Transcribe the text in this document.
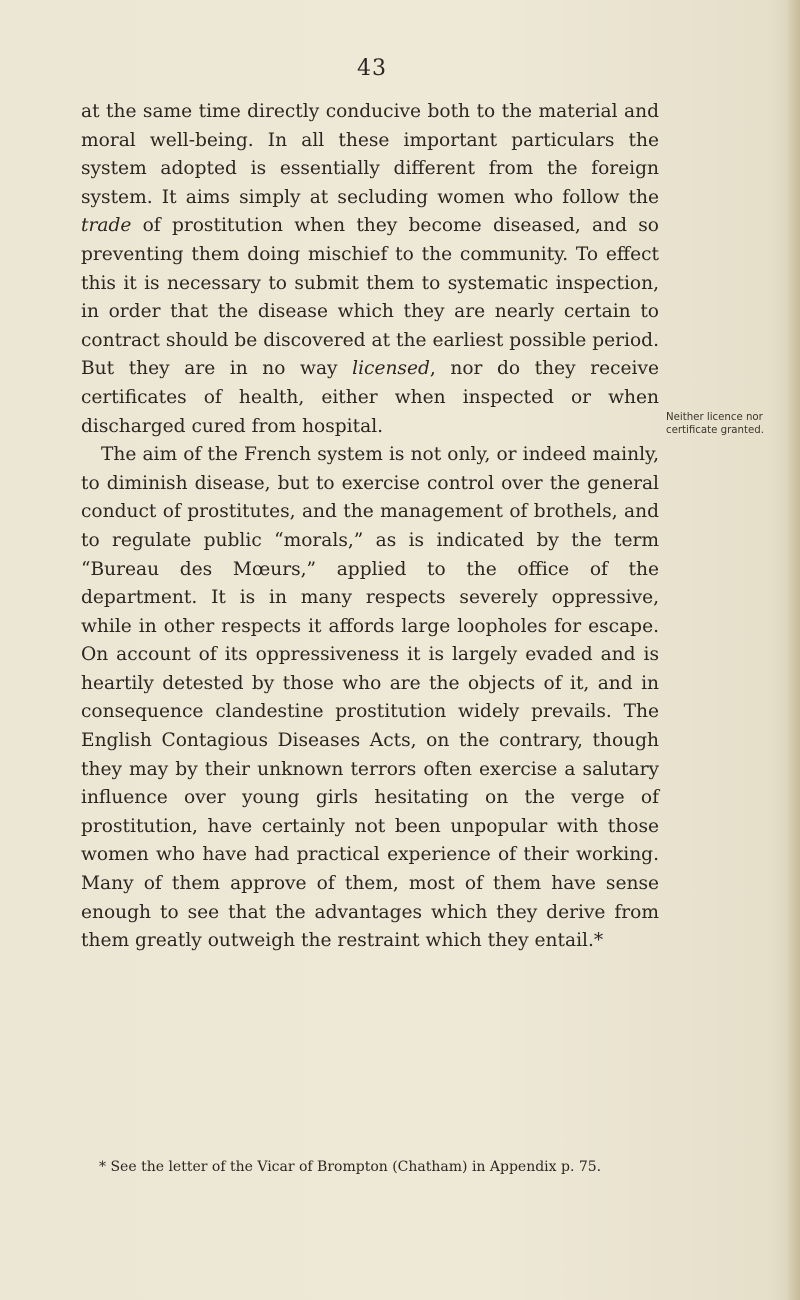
43

at the same time directly conducive both to the material and moral well-being. In all these important particulars the system adopted is essentially different from the foreign system. It aims simply at secluding women who follow the trade of prostitution when they become diseased, and so preventing them doing mischief to the community. To effect this it is necessary to submit them to systematic inspection, in order that the disease which they are nearly certain to contract should be discovered at the earliest possible period. But they are in no way licensed, nor do they receive certificates of health, either when inspected or when discharged cured from hospital.

The aim of the French system is not only, or indeed mainly, to diminish disease, but to exercise control over the general conduct of prostitutes, and the management of brothels, and to regulate public “morals,” as is indicated by the term “Bureau des Mœurs,” applied to the office of the department. It is in many respects severely oppressive, while in other respects it affords large loopholes for escape. On account of its oppressiveness it is largely evaded and is heartily detested by those who are the objects of it, and in consequence clandestine prostitution widely prevails. The English Contagious Diseases Acts, on the contrary, though they may by their unknown terrors often exercise a salutary influence over young girls hesitating on the verge of prostitution, have certainly not been unpopular with those women who have had practical experience of their working. Many of them approve of them, most of them have sense enough to see that the advantages which they derive from them greatly outweigh the restraint which they entail.*

Neither licence nor certificate granted.

* See the letter of the Vicar of Brompton (Chatham) in Appendix p. 75.
